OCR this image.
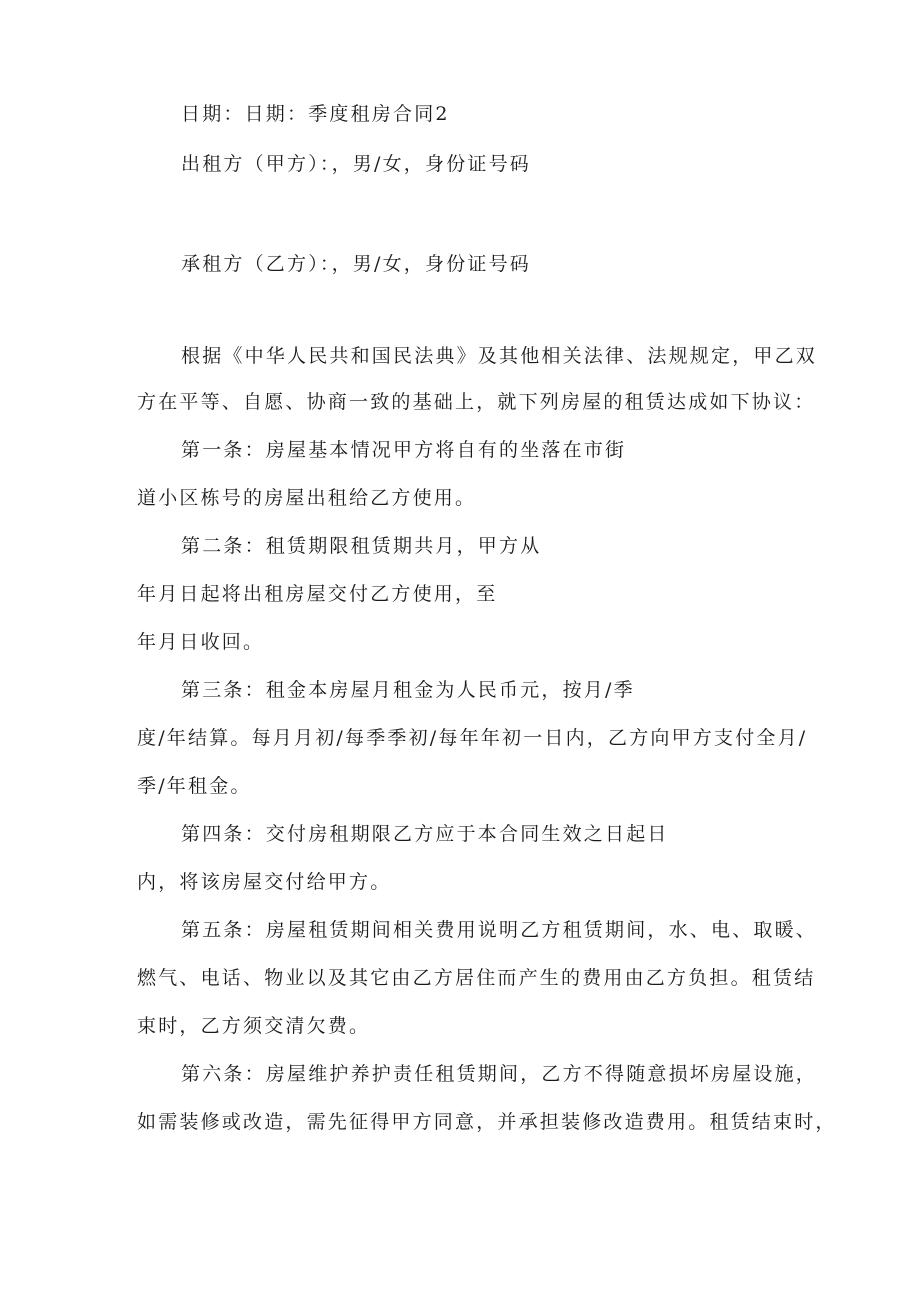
日期：日期：季度租房合同2
出租方（甲方）：，男/女，身份证号码
承租方（乙方）：，男/女，身份证号码
根据《中华人民共和国民法典》及其他相关法律、法规规定，甲乙双
方在平等、自愿、协商一致的基础上，就下列房屋的租赁达成如下协议：
第一条：房屋基本情况甲方将自有的坐落在市街
道小区栋号的房屋出租给乙方使用。
第二条：租赁期限租赁期共月，甲方从
年月日起将出租房屋交付乙方使用，至
年月日收回。
第三条：租金本房屋月租金为人民币元，按月/季
度/年结算。每月月初/每季季初/每年年初一日内，乙方向甲方支付全月/
季/年租金。
第四条：交付房租期限乙方应于本合同生效之日起日
内，将该房屋交付给甲方。
第五条：房屋租赁期间相关费用说明乙方租赁期间，水、电、取暖、
燃气、电话、物业以及其它由乙方居住而产生的费用由乙方负担。租赁结
束时，乙方须交清欠费。
第六条：房屋维护养护责任租赁期间，乙方不得随意损坏房屋设施，
如需装修或改造，需先征得甲方同意，并承担装修改造费用。租赁结束时，
